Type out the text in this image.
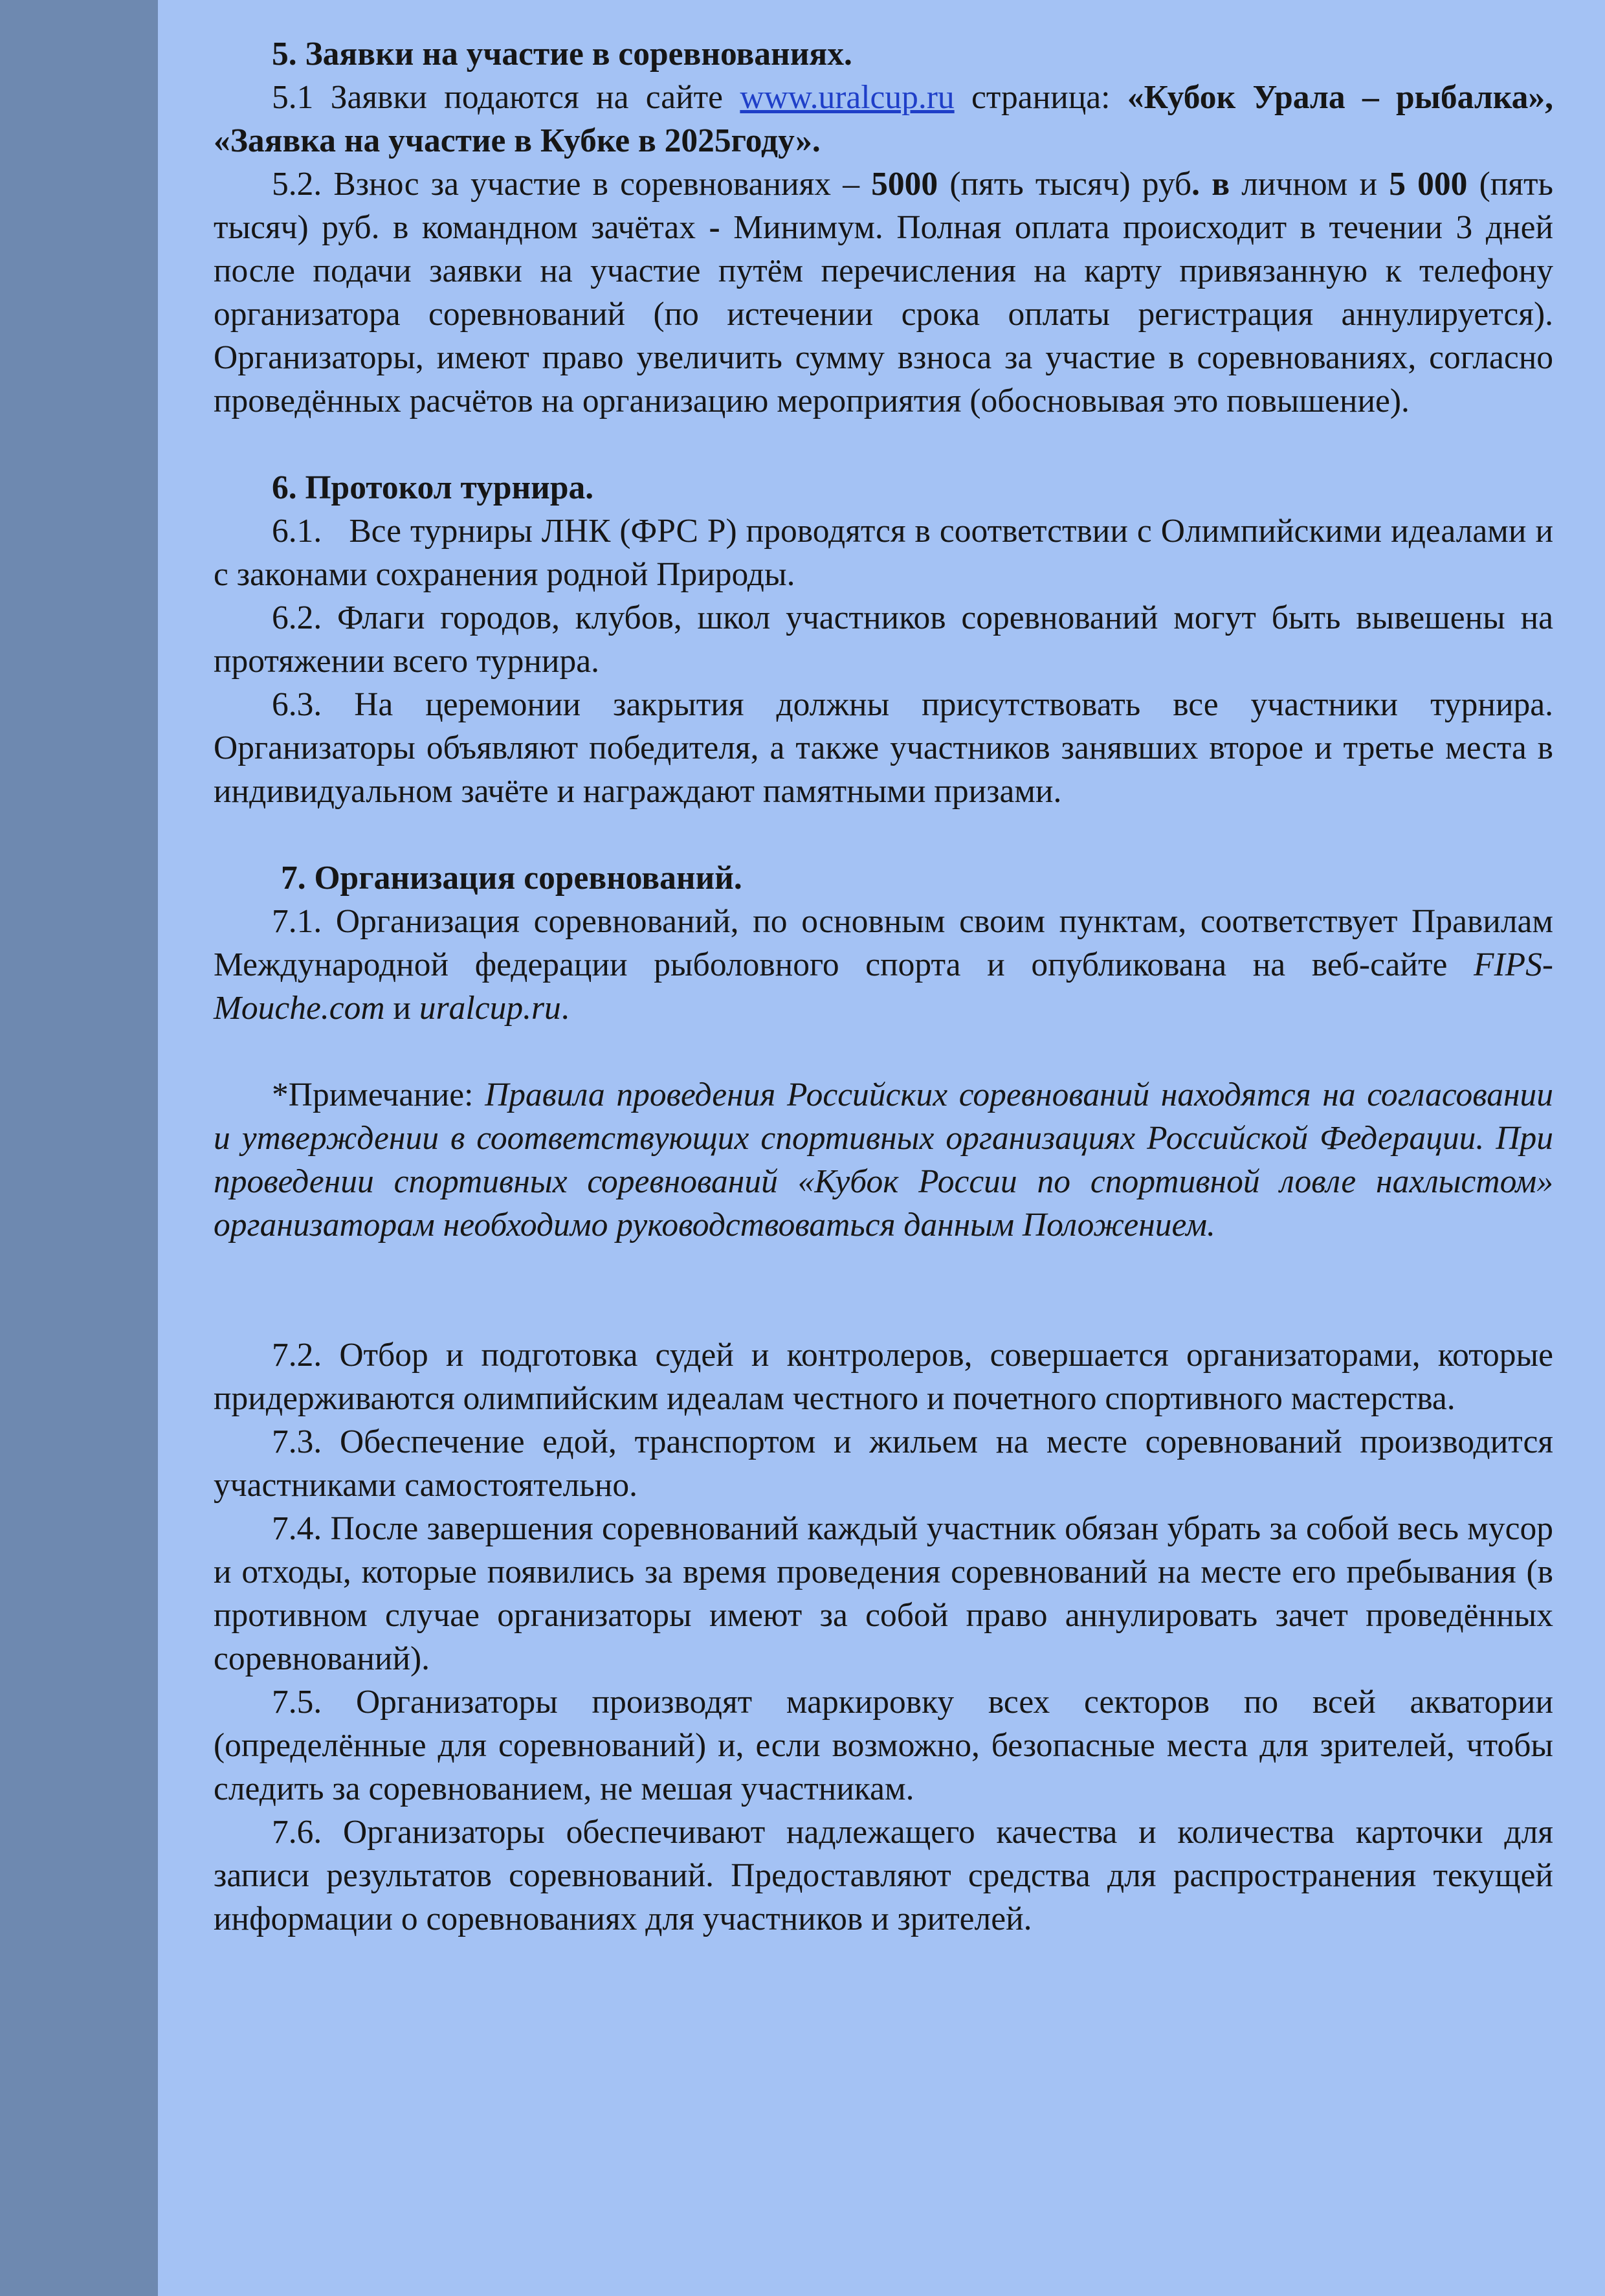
5. Заявки на участие в соревнованиях.

5.1 Заявки подаются на сайте www.uralcup.ru страница: «Кубок Урала – рыбалка», «Заявка на участие в Кубке в 2025году».

5.2. Взнос за участие в соревнованиях – 5000 (пять тысяч) руб. в личном и 5 000 (пять тысяч) руб. в командном зачётах - Минимум. Полная оплата происходит в течении 3 дней после подачи заявки на участие путём перечисления на карту привязанную к телефону организатора соревнований (по истечении срока оплаты регистрация аннулируется). Организаторы, имеют право увеличить сумму взноса за участие в соревнованиях, согласно проведённых расчётов на организацию мероприятия (обосновывая это повышение).

6. Протокол турнира.

6.1.   Все турниры ЛНК (ФРС Р) проводятся в соответствии с Олимпийскими идеалами и с законами сохранения родной Природы.

6.2. Флаги городов, клубов, школ участников соревнований могут быть вывешены на протяжении всего турнира.

6.3. На церемонии закрытия должны присутствовать все участники турнира. Организаторы объявляют победителя, а также участников занявших второе и третье места в индивидуальном зачёте и награждают памятными призами.

7. Организация соревнований.

7.1. Организация соревнований, по основным своим пунктам, соответствует Правилам Международной федерации рыболовного спорта и опубликована на веб-сайте FIPS-Mouche.com и uralcup.ru.

*Примечание: Правила проведения Российских соревнований находятся на согласовании и утверждении в соответствующих спортивных организациях Российской Федерации. При проведении спортивных соревнований «Кубок России по спортивной ловле нахлыстом» организаторам необходимо руководствоваться данным Положением.

7.2. Отбор и подготовка судей и контролеров, совершается организаторами, которые придерживаются олимпийским идеалам честного и почетного спортивного мастерства.

7.3. Обеспечение едой, транспортом и жильем на месте соревнований производится участниками самостоятельно.

7.4. После завершения соревнований каждый участник обязан убрать за собой весь мусор и отходы, которые появились за время проведения соревнований на месте его пребывания (в противном случае организаторы имеют за собой право аннулировать зачет проведённых соревнований).

7.5. Организаторы производят маркировку всех секторов по всей акватории (определённые для соревнований) и, если возможно, безопасные места для зрителей, чтобы следить за соревнованием, не мешая участникам.

7.6. Организаторы обеспечивают надлежащего качества и количества карточки для записи результатов соревнований. Предоставляют средства для распространения текущей информации о соревнованиях для участников и зрителей.
